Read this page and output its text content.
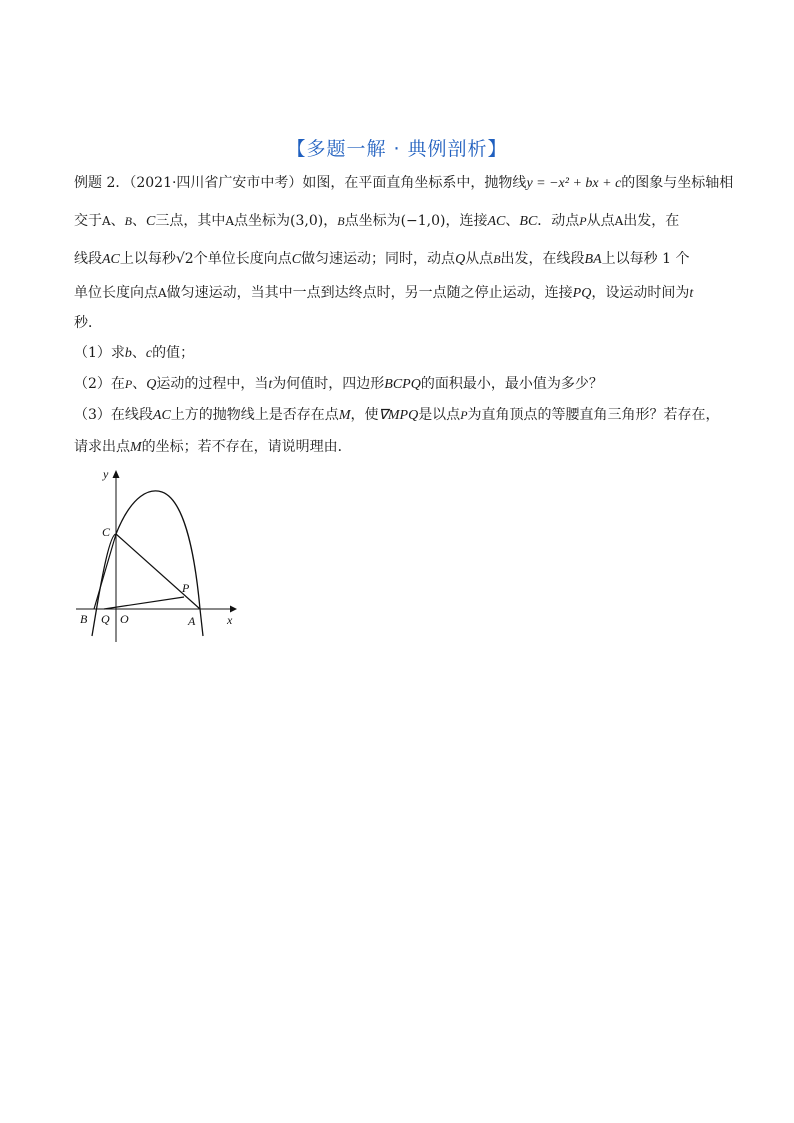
【多题一解 · 典例剖析】
例题 2．（2021·四川省广安市中考）如图，在平面直角坐标系中，抛物线y = −x² + bx + c的图象与坐标轴相
交于A、B、C三点，其中A点坐标为(3,0)，B点坐标为(−1,0)，连接AC、BC．动点P从点A出发，在
线段AC上以每秒√2个单位长度向点C做匀速运动；同时，动点Q从点B出发，在线段BA上以每秒 1 个
单位长度向点A做匀速运动，当其中一点到达终点时，另一点随之停止运动，连接PQ，设运动时间为t
秒．
（1）求b、c的值；
（2）在P、Q运动的过程中，当t为何值时，四边形BCPQ的面积最小，最小值为多少？
（3）在线段AC上方的抛物线上是否存在点M，使∇MPQ是以点P为直角顶点的等腰直角三角形？若存在，
请求出点M的坐标；若不存在，请说明理由．
y
x
C
P
B Q O	A
